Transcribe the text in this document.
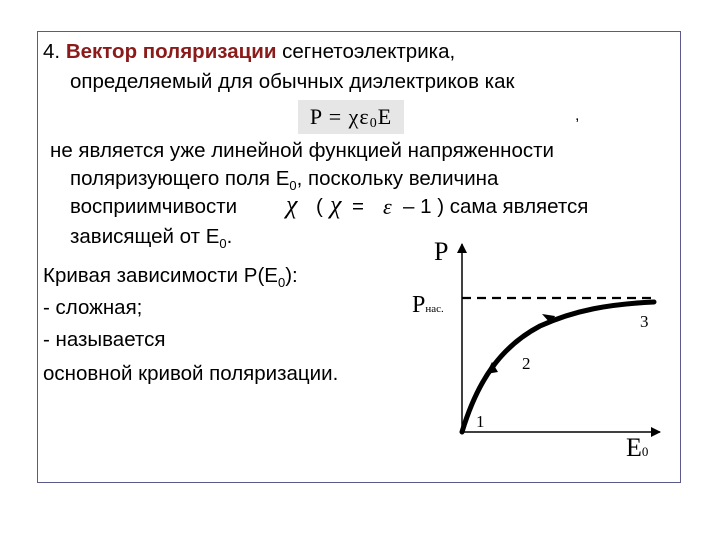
4. Вектор поляризации сегнетоэлектрика,
определяемый для обычных диэлектриков как
$P = \chi\varepsilon_0E$	,
не является уже линейной функцией напряженности
поляризующего поля $Е_0$, поскольку величина
восприимчивости χ ( χ = ε – 1 ) сама является
зависящей от $Е_0$.
Кривая зависимости $Р(Е_0)$:
- сложная;
- называется
основной кривой поляризации.
P
Pнас.
E0
1
2
3
